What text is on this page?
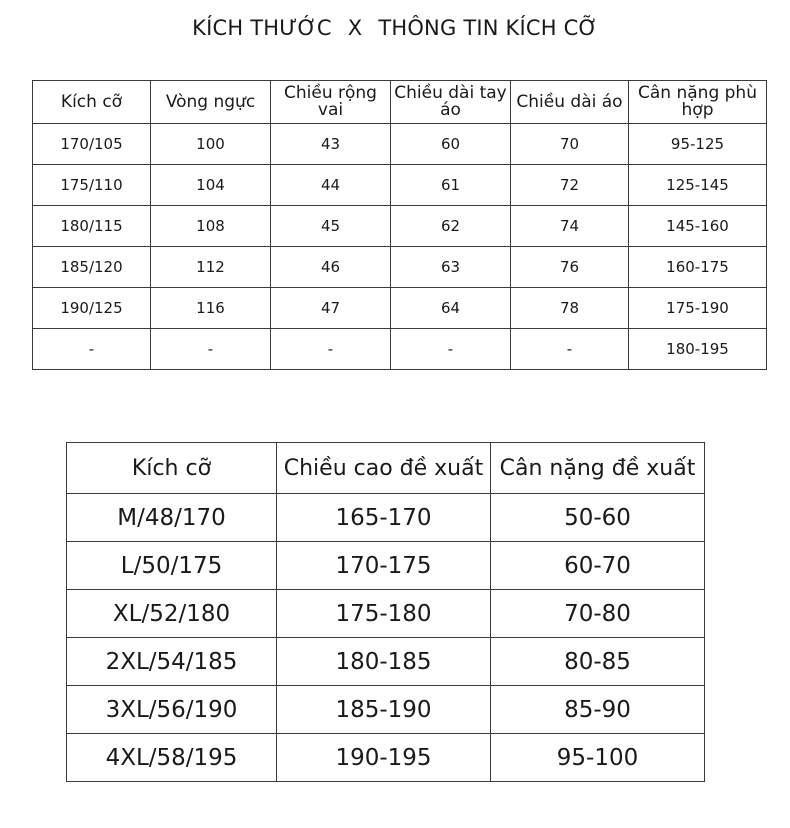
KÍCH THƯỚC X THÔNG TIN KÍCH CỠ
Kích cỡ	Vòng ngực	Chiều rộng vai	Chiều dài tay áo	Chiều dài áo	Cân nặng phù hợp
170/105	100	43	60	70	95-125
175/110	104	44	61	72	125-145
180/115	108	45	62	74	145-160
185/120	112	46	63	76	160-175
190/125	116	47	64	78	175-190
-	-	-	-	-	180-195
Kích cỡ	Chiều cao đề xuất	Cân nặng đề xuất
M/48/170	165-170	50-60
L/50/175	170-175	60-70
XL/52/180	175-180	70-80
2XL/54/185	180-185	80-85
3XL/56/190	185-190	85-90
4XL/58/195	190-195	95-100
